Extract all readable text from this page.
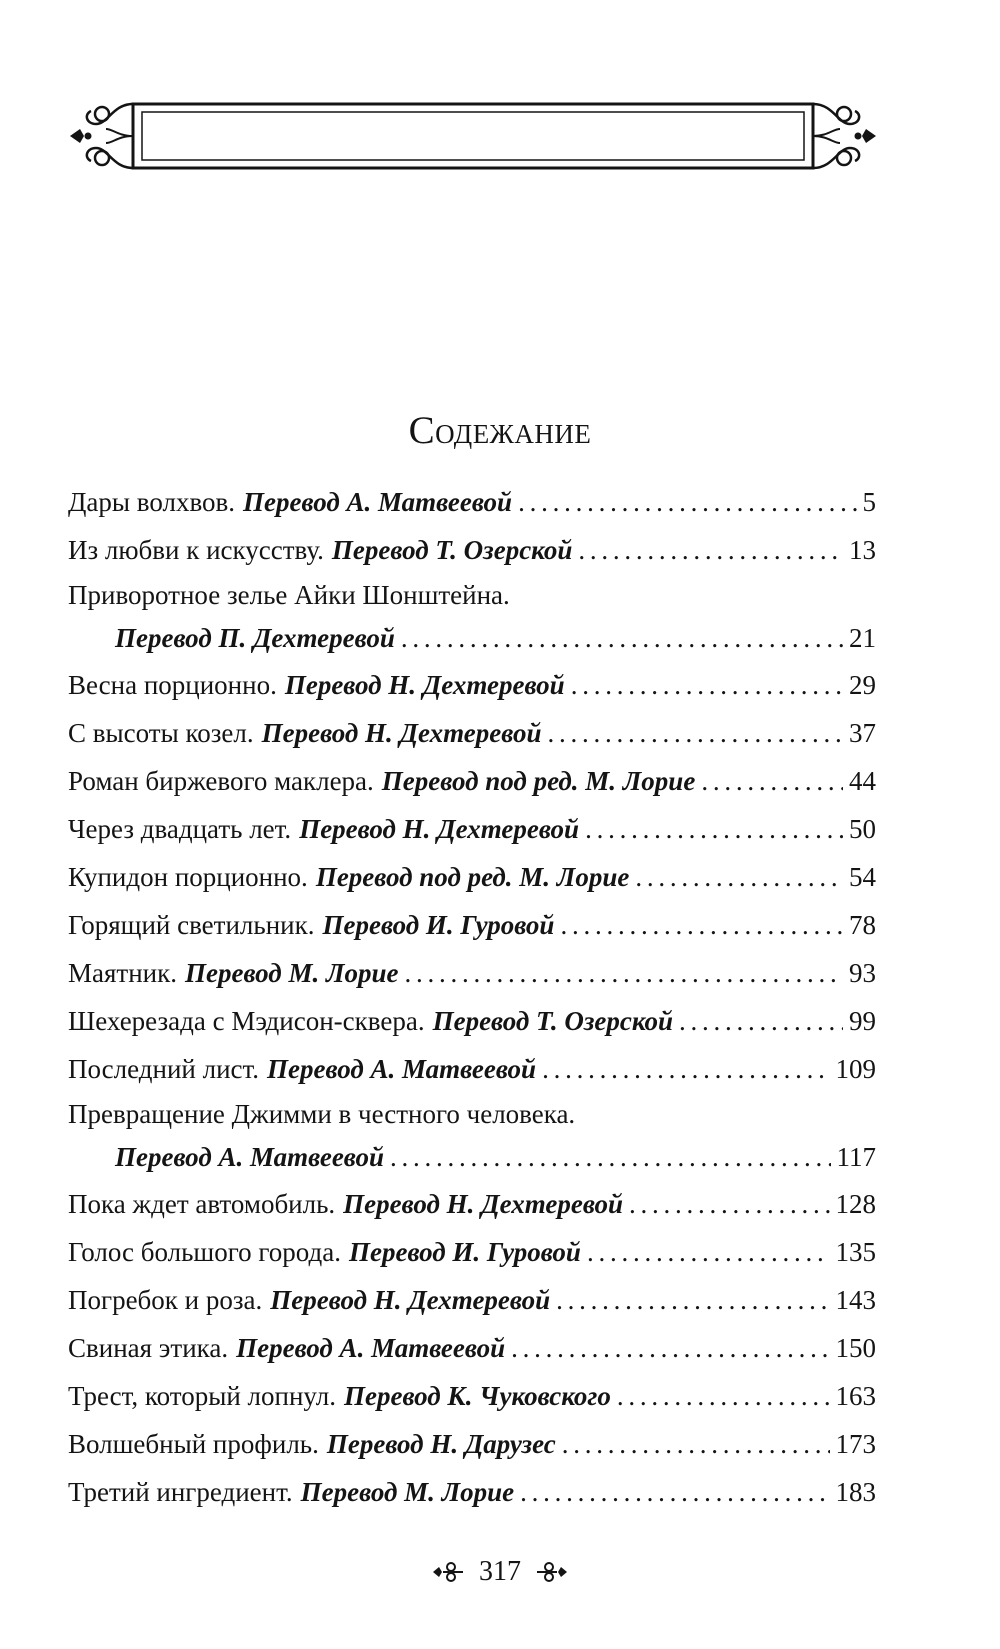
Содежание
Дары волхвов. Перевод А. Матвеевой . . .	5
Из любви к искусству. Перевод Т. Озерской . . .	13
Приворотное зелье Айки Шонштейна.
Перевод П. Дехтеревой . . .	21
Весна порционно. Перевод Н. Дехтеревой . . .	29
С высоты козел. Перевод Н. Дехтеревой . . .	37
Роман биржевого маклера. Перевод под ред. М. Лорие . . .	44
Через двадцать лет. Перевод Н. Дехтеревой . . .	50
Купидон порционно. Перевод под ред. М. Лорие . . .	54
Горящий светильник. Перевод И. Гуровой . . .	78
Маятник. Перевод М. Лорие . . .	93
Шехерезада с Мэдисон-сквера. Перевод Т. Озерской . . .	99
Последний лист. Перевод А. Матвеевой . . .	109
Превращение Джимми в честного человека.
Перевод А. Матвеевой . . .	117
Пока ждет автомобиль. Перевод Н. Дехтеревой . . .	128
Голос большого города. Перевод И. Гуровой . . .	135
Погребок и роза. Перевод Н. Дехтеревой . . .	143
Свиная этика. Перевод А. Матвеевой . . .	150
Трест, который лопнул. Перевод К. Чуковского . . .	163
Волшебный профиль. Перевод Н. Дарузес . . .	173
Третий ингредиент. Перевод М. Лорие . . .	183
317
